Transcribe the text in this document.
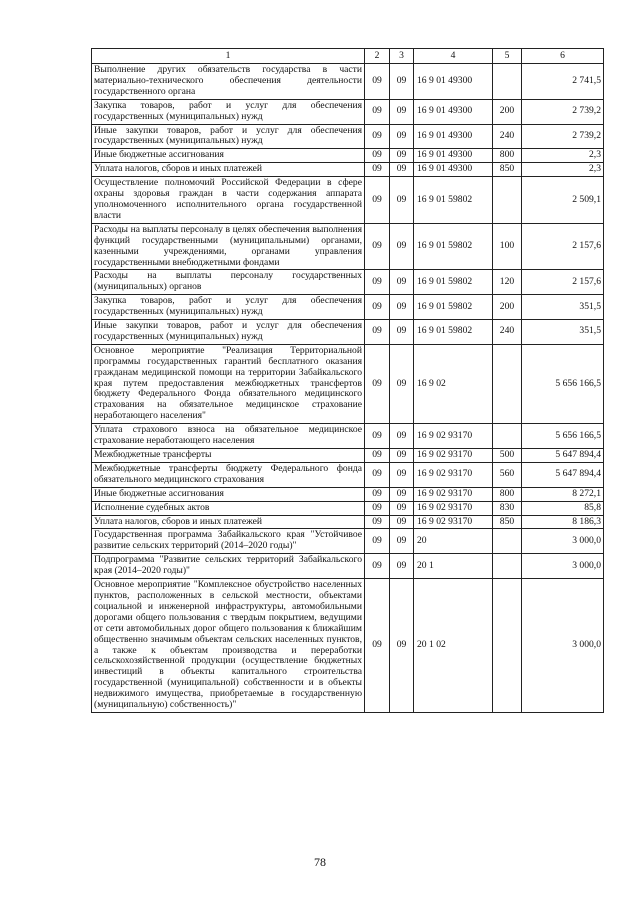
1	2	3	4	5	6
Выполнение других обязательств государства в части материально-технического обеспечения деятельности государственного органа	09	09	16 9 01 49300		2 741,5
Закупка товаров, работ и услуг для обеспечения государственных (муниципальных) нужд	09	09	16 9 01 49300	200	2 739,2
Иные закупки товаров, работ и услуг для обеспечения государственных (муниципальных) нужд	09	09	16 9 01 49300	240	2 739,2
Иные бюджетные ассигнования	09	09	16 9 01 49300	800	2,3
Уплата налогов, сборов и иных платежей	09	09	16 9 01 49300	850	2,3
Осуществление полномочий Российской Федерации в сфере охраны здоровья граждан в части содержания аппарата уполномоченного исполнительного органа государственной власти	09	09	16 9 01 59802		2 509,1
Расходы на выплаты персоналу в целях обеспечения выполнения функций государственными (муниципальными) органами, казенными учреждениями, органами управления государственными внебюджетными фондами	09	09	16 9 01 59802	100	2 157,6
Расходы на выплаты персоналу государственных (муниципальных) органов	09	09	16 9 01 59802	120	2 157,6
Закупка товаров, работ и услуг для обеспечения государственных (муниципальных) нужд	09	09	16 9 01 59802	200	351,5
Иные закупки товаров, работ и услуг для обеспечения государственных (муниципальных) нужд	09	09	16 9 01 59802	240	351,5
Основное мероприятие "Реализация Территориальной программы государственных гарантий бесплатного оказания гражданам медицинской помощи на территории Забайкальского края путем предоставления межбюджетных трансфертов бюджету Федерального Фонда обязательного медицинского страхования на обязательное медицинское страхование неработающего населения"	09	09	16 9 02		5 656 166,5
Уплата страхового взноса на обязательное медицинское страхование неработающего населения	09	09	16 9 02 93170		5 656 166,5
Межбюджетные трансферты	09	09	16 9 02 93170	500	5 647 894,4
Межбюджетные трансферты бюджету Федерального фонда обязательного медицинского страхования	09	09	16 9 02 93170	560	5 647 894,4
Иные бюджетные ассигнования	09	09	16 9 02 93170	800	8 272,1
Исполнение судебных актов	09	09	16 9 02 93170	830	85,8
Уплата налогов, сборов и иных платежей	09	09	16 9 02 93170	850	8 186,3
Государственная программа Забайкальского края "Устойчивое развитие сельских территорий (2014–2020 годы)"	09	09	20		3 000,0
Подпрограмма "Развитие сельских территорий Забайкальского края (2014–2020 годы)"	09	09	20 1		3 000,0
Основное мероприятие "Комплексное обустройство населенных пунктов, расположенных в сельской местности, объектами социальной и инженерной инфраструктуры, автомобильными дорогами общего пользования с твердым покрытием, ведущими от сети автомобильных дорог общего пользования к ближайшим общественно значимым объектам сельских населенных пунктов, а также к объектам производства и переработки сельскохозяйственной продукции (осуществление бюджетных инвестиций в объекты капитального строительства государственной (муниципальной) собственности и в объекты недвижимого имущества, приобретаемые в государственную (муниципальную) собственность)"	09	09	20 1 02		3 000,0
78
